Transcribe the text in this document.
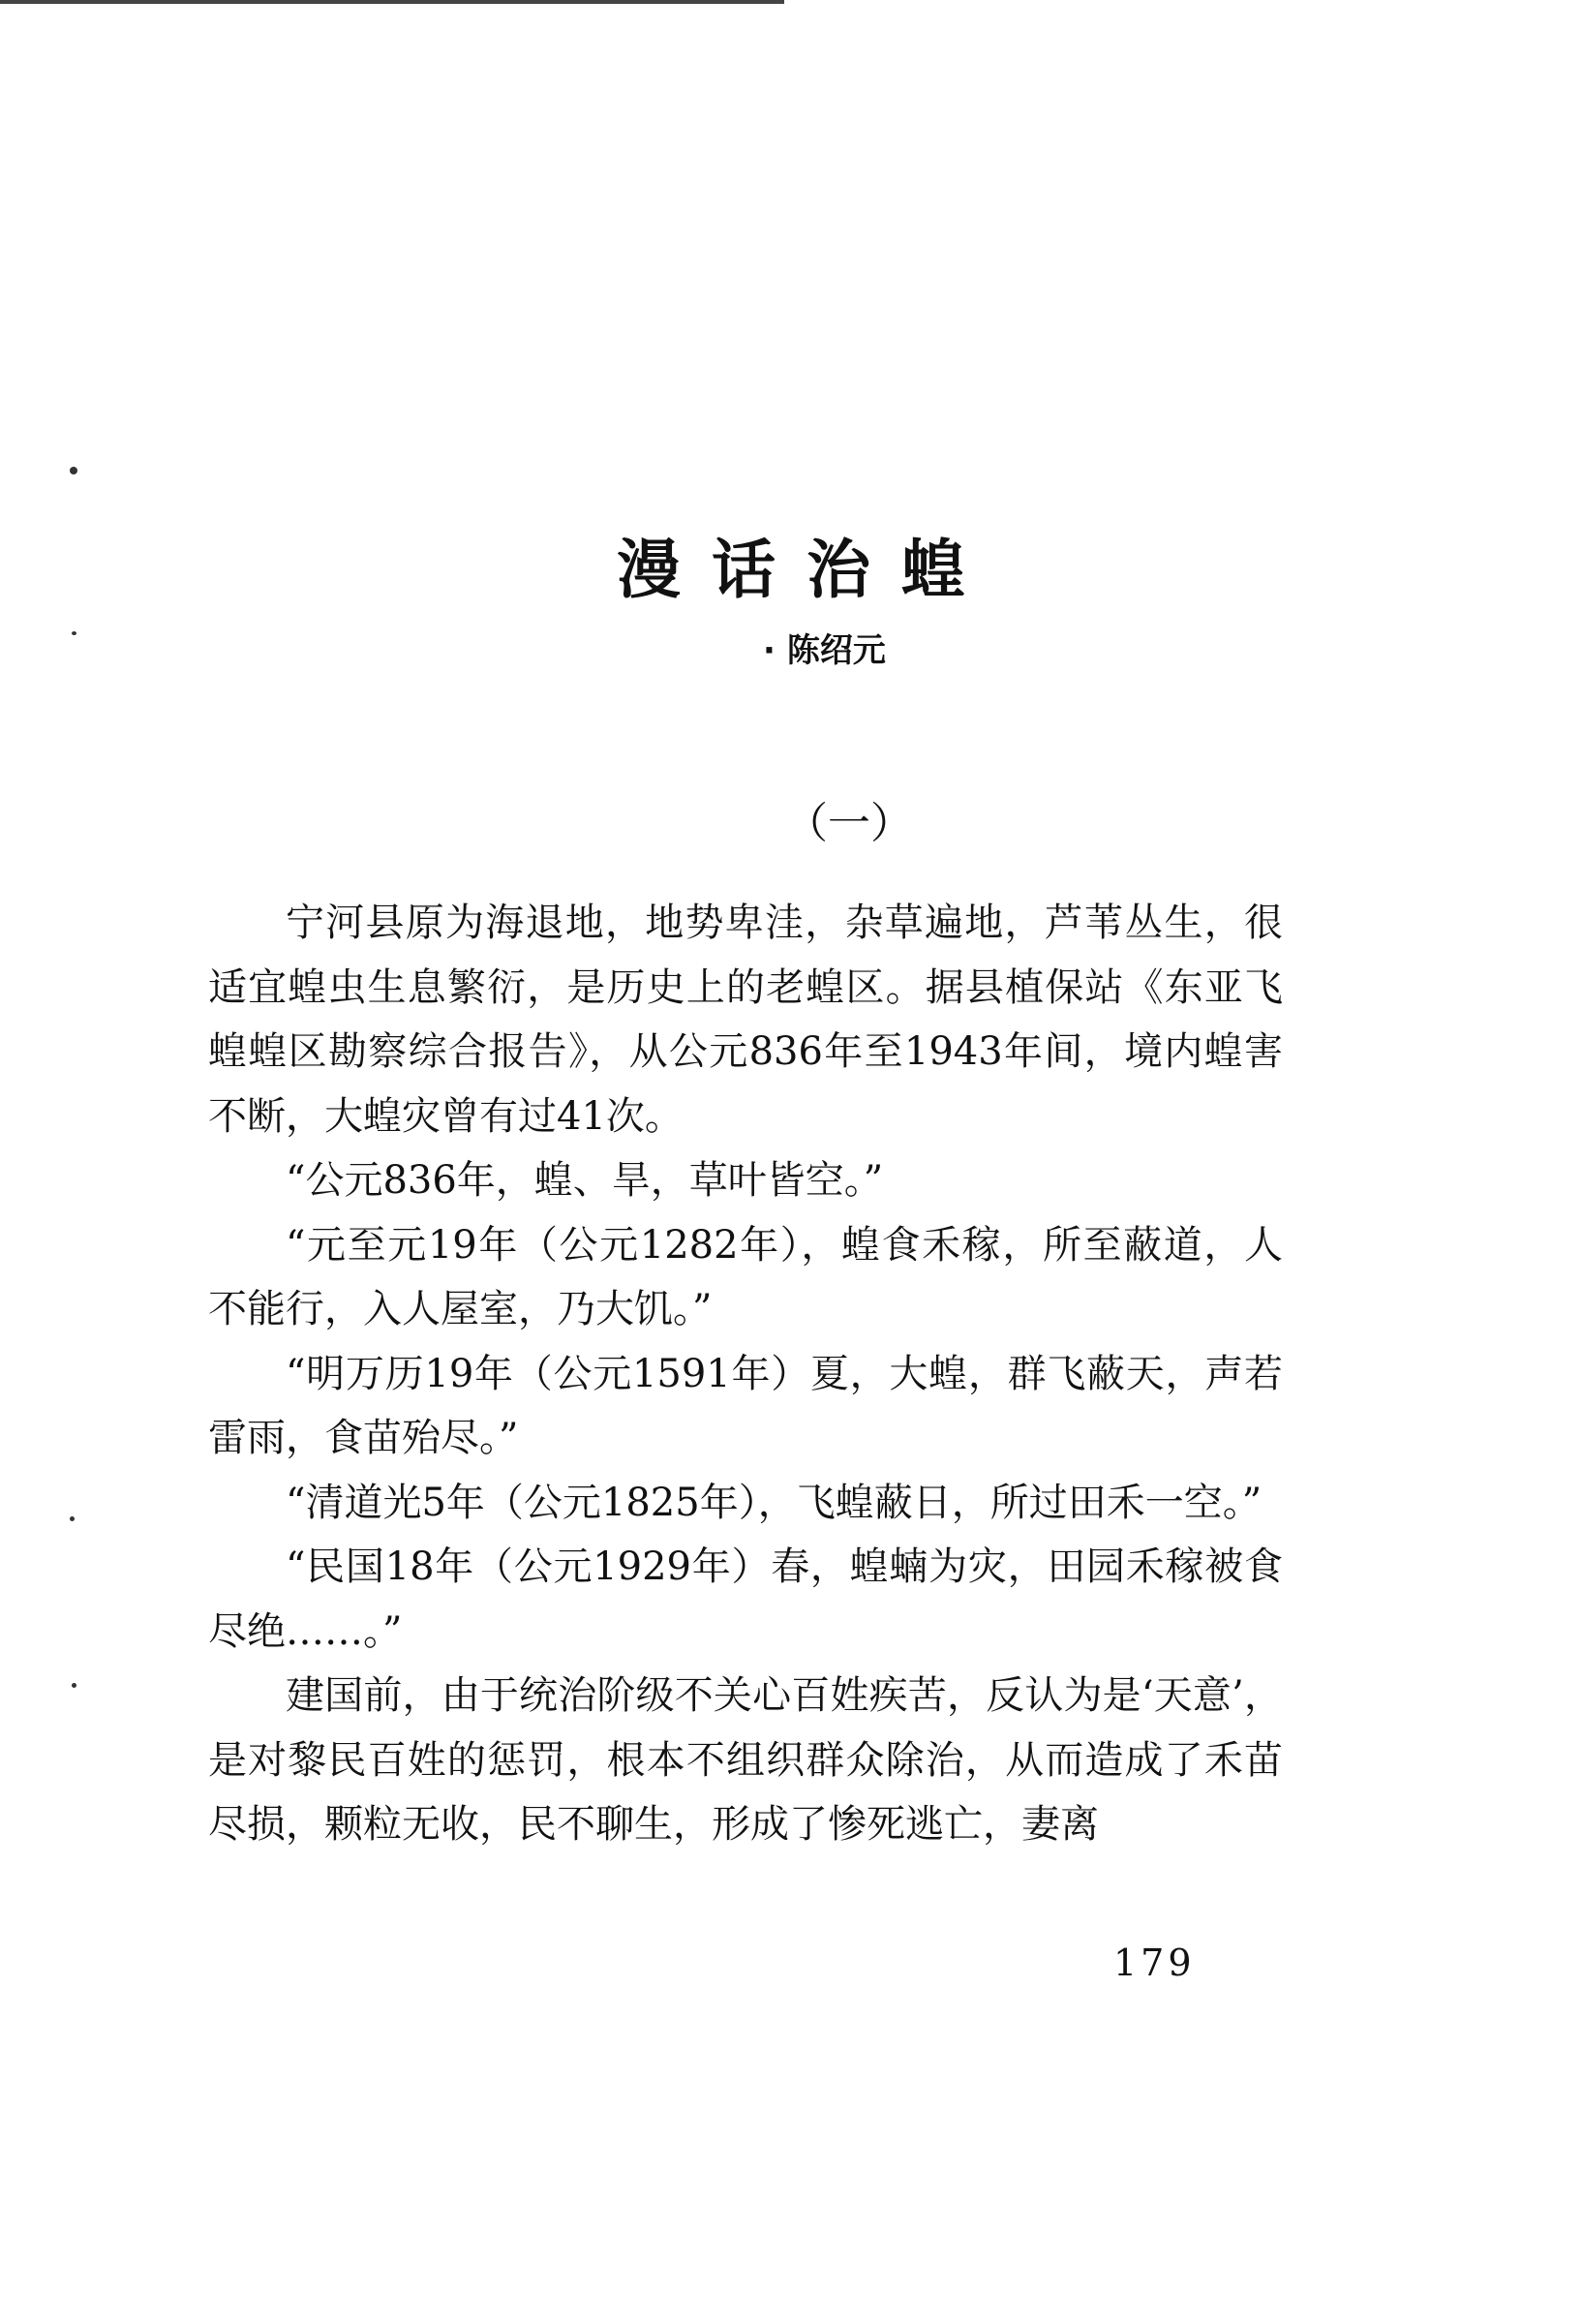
漫话治蝗
· 陈绍元
（一）

宁河县原为海退地，地势卑洼，杂草遍地，芦苇丛生，很适宜蝗虫生息繁衍，是历史上的老蝗区。据县植保站《东亚飞蝗蝗区勘察综合报告》，从公元836年至1943年间，境内蝗害不断，大蝗灾曾有过41次。

“公元836年，蝗、旱，草叶皆空。”

“元至元19年（公元1282年），蝗食禾稼，所至蔽道，人不能行，入人屋室，乃大饥。”

“明万历19年（公元1591年）夏，大蝗，群飞蔽天，声若雷雨，食苗殆尽。”

“清道光5年（公元1825年），飞蝗蔽日，所过田禾一空。”

“民国18年（公元1929年）春，蝗蝻为灾，田园禾稼被食尽绝……。”

建国前，由于统治阶级不关心百姓疾苦，反认为是‘天意’，是对黎民百姓的惩罚，根本不组织群众除治，从而造成了禾苗尽损，颗粒无收，民不聊生，形成了惨死逃亡，妻离

179
